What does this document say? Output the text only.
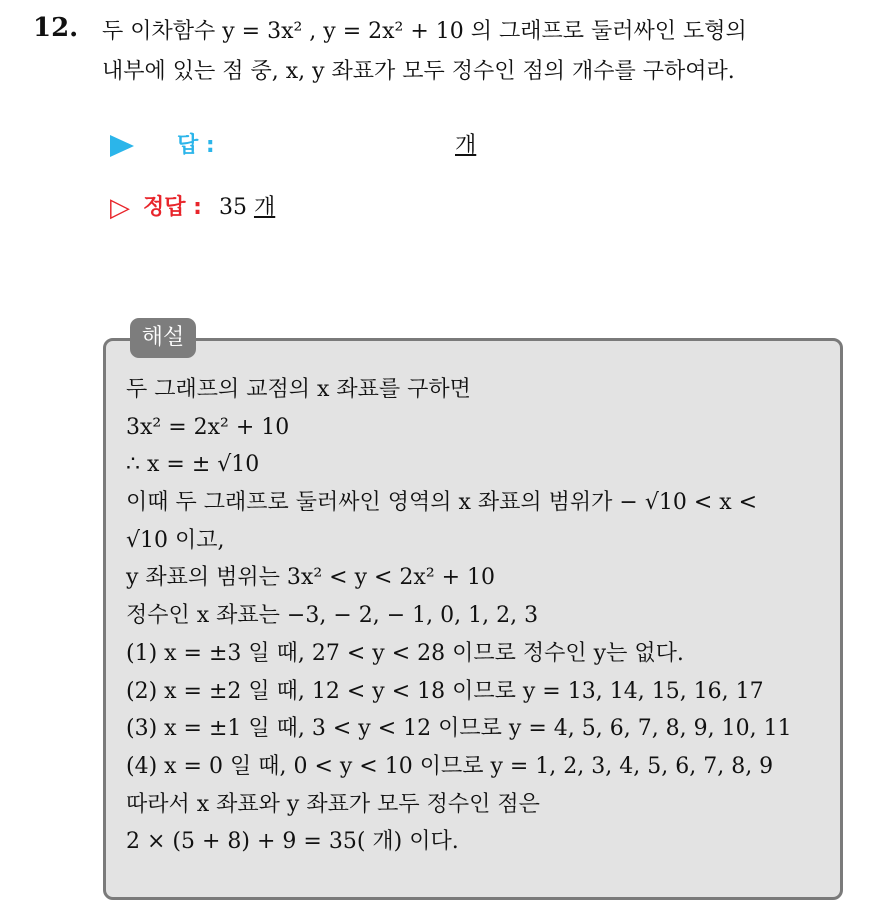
12. 두 이차함수 y = 3x² , y = 2x² + 10 의 그래프로 둘러싸인 도형의
내부에 있는 점 중, x, y 좌표가 모두 정수인 점의 개수를 구하여라.
답 :	개
▷ 정답 : 35 개
해설
두 그래프의 교점의 x 좌표를 구하면
3x² = 2x² + 10
∴ x = ± √10
이때 두 그래프로 둘러싸인 영역의 x 좌표의 범위가 − √10 < x <
√10 이고,
y 좌표의 범위는 3x² < y < 2x² + 10
정수인 x 좌표는 −3, − 2, − 1, 0, 1, 2, 3
(1) x = ±3 일 때, 27 < y < 28 이므로 정수인 y는 없다.
(2) x = ±2 일 때, 12 < y < 18 이므로 y = 13, 14, 15, 16, 17
(3) x = ±1 일 때, 3 < y < 12 이므로 y = 4, 5, 6, 7, 8, 9, 10, 11
(4) x = 0 일 때, 0 < y < 10 이므로 y = 1, 2, 3, 4, 5, 6, 7, 8, 9
따라서 x 좌표와 y 좌표가 모두 정수인 점은
2 × (5 + 8) + 9 = 35( 개) 이다.
